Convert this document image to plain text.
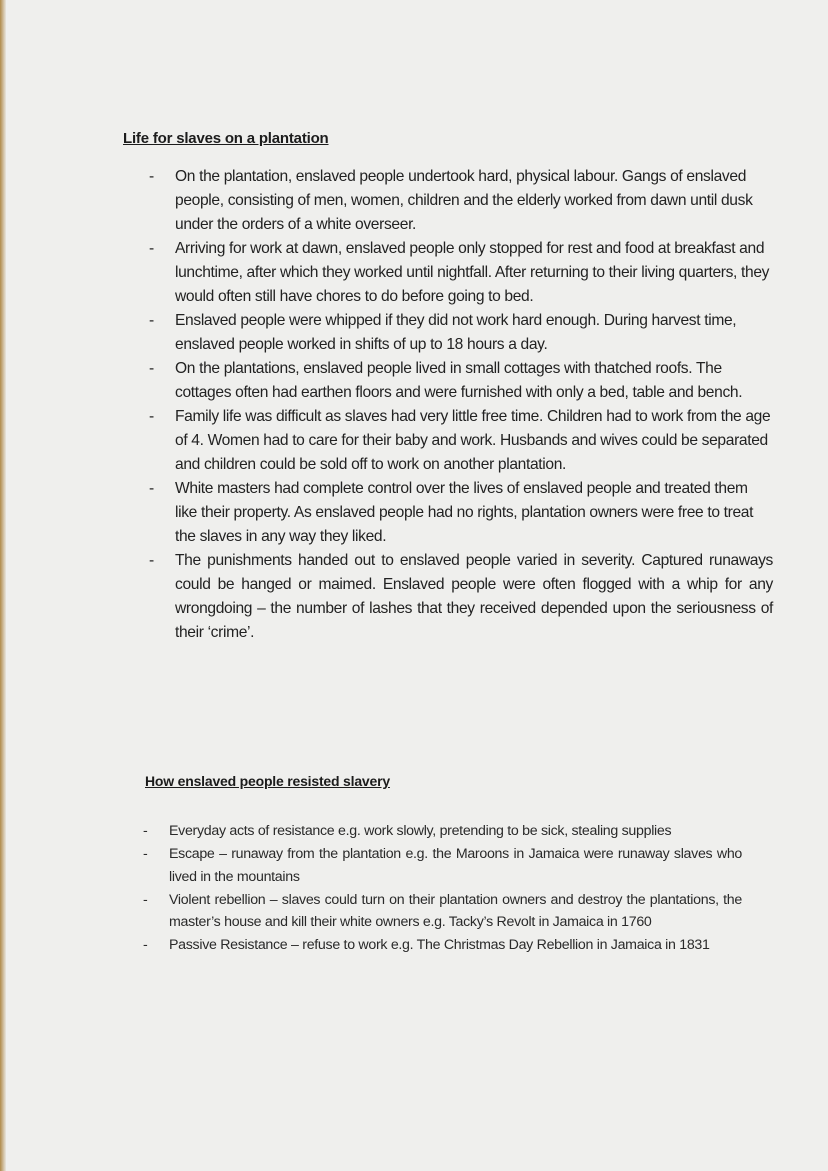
Life for slaves on a plantation
- On the plantation, enslaved people undertook hard, physical labour. Gangs of enslaved people, consisting of men, women, children and the elderly worked from dawn until dusk under the orders of a white overseer.
- Arriving for work at dawn, enslaved people only stopped for rest and food at breakfast and lunchtime, after which they worked until nightfall. After returning to their living quarters, they would often still have chores to do before going to bed.
- Enslaved people were whipped if they did not work hard enough. During harvest time, enslaved people worked in shifts of up to 18 hours a day.
- On the plantations, enslaved people lived in small cottages with thatched roofs. The cottages often had earthen floors and were furnished with only a bed, table and bench.
- Family life was difficult as slaves had very little free time. Children had to work from the age of 4. Women had to care for their baby and work. Husbands and wives could be separated and children could be sold off to work on another plantation.
- White masters had complete control over the lives of enslaved people and treated them like their property. As enslaved people had no rights, plantation owners were free to treat the slaves in any way they liked.
- The punishments handed out to enslaved people varied in severity. Captured runaways could be hanged or maimed. Enslaved people were often flogged with a whip for any wrongdoing – the number of lashes that they received depended upon the seriousness of their ‘crime’.
How enslaved people resisted slavery
- Everyday acts of resistance e.g. work slowly, pretending to be sick, stealing supplies
- Escape – runaway from the plantation e.g. the Maroons in Jamaica were runaway slaves who lived in the mountains
- Violent rebellion – slaves could turn on their plantation owners and destroy the plantations, the master’s house and kill their white owners e.g. Tacky’s Revolt in Jamaica in 1760
- Passive Resistance – refuse to work e.g. The Christmas Day Rebellion in Jamaica in 1831
